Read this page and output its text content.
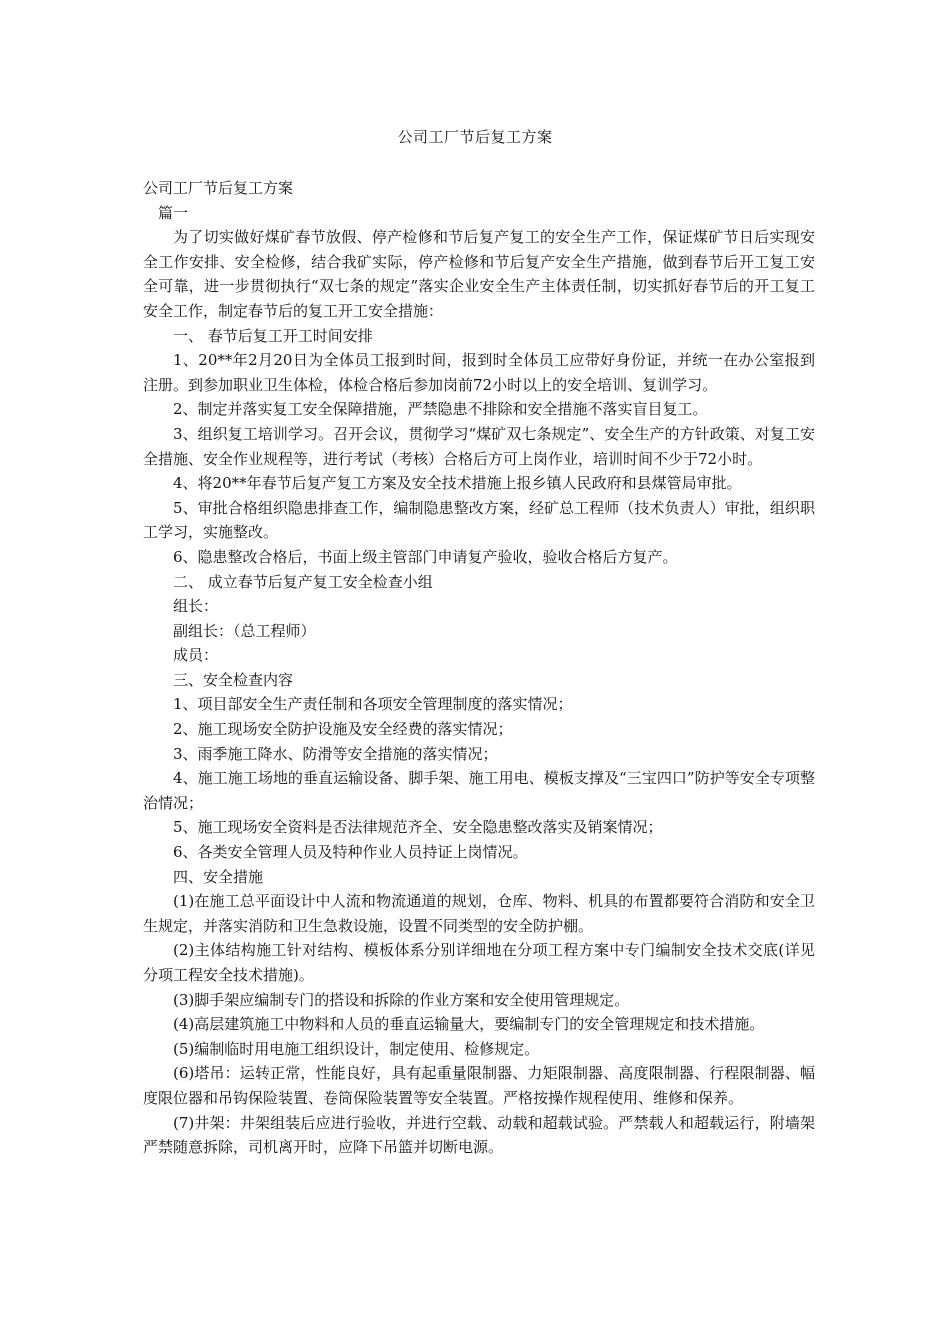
公司工厂节后复工方案

公司工厂节后复工方案

篇一

为了切实做好煤矿春节放假、停产检修和节后复产复工的安全生产工作，保证煤矿节日后实现安全工作安排、安全检修，结合我矿实际，停产检修和节后复产安全生产措施，做到春节后开工复工安全可靠，进一步贯彻执行“双七条的规定”落实企业安全生产主体责任制，切实抓好春节后的开工复工安全工作，制定春节后的复工开工安全措施：

一、 春节后复工开工时间安排

1、20**年2月20日为全体员工报到时间，报到时全体员工应带好身份证，并统一在办公室报到注册。到参加职业卫生体检，体检合格后参加岗前72小时以上的安全培训、复训学习。

2、制定并落实复工安全保障措施，严禁隐患不排除和安全措施不落实盲目复工。

3、组织复工培训学习。召开会议，贯彻学习“煤矿双七条规定”、安全生产的方针政策、对复工安全措施、安全作业规程等，进行考试（考核）合格后方可上岗作业，培训时间不少于72小时。

4、将20**年春节后复产复工方案及安全技术措施上报乡镇人民政府和县煤管局审批。

5、审批合格组织隐患排查工作，编制隐患整改方案，经矿总工程师（技术负责人）审批，组织职工学习，实施整改。

6、隐患整改合格后，书面上级主管部门申请复产验收，验收合格后方复产。

二、 成立春节后复产复工安全检查小组

组长：

副组长：（总工程师）

成员：

三、安全检查内容

1、项目部安全生产责任制和各项安全管理制度的落实情况；

2、施工现场安全防护设施及安全经费的落实情况；

3、雨季施工降水、防滑等安全措施的落实情况；

4、施工施工场地的垂直运输设备、脚手架、施工用电、模板支撑及“三宝四口”防护等安全专项整治情况；

5、施工现场安全资料是否法律规范齐全、安全隐患整改落实及销案情况；

6、各类安全管理人员及特种作业人员持证上岗情况。

四、安全措施

(1)在施工总平面设计中人流和物流通道的规划，仓库、物料、机具的布置都要符合消防和安全卫生规定，并落实消防和卫生急救设施，设置不同类型的安全防护棚。

(2)主体结构施工针对结构、模板体系分别详细地在分项工程方案中专门编制安全技术交底(详见分项工程安全技术措施)。

(3)脚手架应编制专门的搭设和拆除的作业方案和安全使用管理规定。

(4)高层建筑施工中物料和人员的垂直运输量大，要编制专门的安全管理规定和技术措施。

(5)编制临时用电施工组织设计，制定使用、检修规定。

(6)塔吊：运转正常，性能良好，具有起重量限制器、力矩限制器、高度限制器、行程限制器、幅度限位器和吊钩保险装置、卷筒保险装置等安全装置。严格按操作规程使用、维修和保养。

(7)井架：井架组装后应进行验收，并进行空载、动载和超载试验。严禁载人和超载运行，附墙架严禁随意拆除，司机离开时，应降下吊篮并切断电源。
